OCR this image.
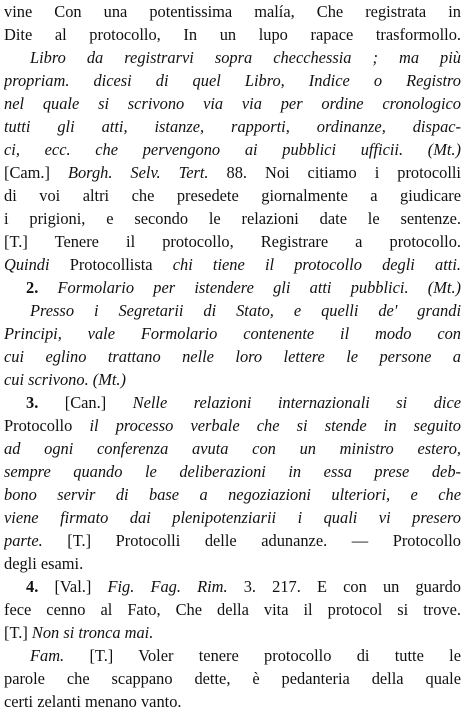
vine Con una potentissima malía, Che registrata in
Dite al protocollo, In un lupo rapace trasformollo.
Libro da registrarvi sopra checchessia ; ma più
propriam. dicesi di quel Libro, Indice o Registro
nel quale si scrivono via via per ordine cronologico
tutti gli atti, istanze, rapporti, ordinanze, dispac-
ci, ecc. che pervengono ai pubblici ufficii. (Mt.)
[Cam.] Borgh. Selv. Tert. 88. Noi citiamo i protocolli
di voi altri che presedete giornalmente a giudicare
i prigioni, e secondo le relazioni date le sentenze.
[T.] Tenere il protocollo, Registrare a protocollo.
Quindi Protocollista chi tiene il protocollo degli atti.
2. Formolario per istendere gli atti pubblici. (Mt.)
Presso i Segretarii di Stato, e quelli de' grandi
Principi, vale Formolario contenente il modo con
cui eglino trattano nelle loro lettere le persone a
cui scrivono. (Mt.)
3. [Can.] Nelle relazioni internazionali si dice
Protocollo il processo verbale che si stende in seguito
ad ogni conferenza avuta con un ministro estero,
sempre quando le deliberazioni in essa prese deb-
bono servir di base a negoziazioni ulteriori, e che
viene firmato dai plenipotenziarii i quali vi presero
parte. [T.] Protocolli delle adunanze. — Protocollo
degli esami.
4. [Val.] Fig. Fag. Rim. 3. 217. E con un guardo
fece cenno al Fato, Che della vita il protocol si trove.
[T.] Non si tronca mai.
Fam. [T.] Voler tenere protocollo di tutte le
parole che scappano dette, è pedanteria della quale
certi zelanti menano vanto.
